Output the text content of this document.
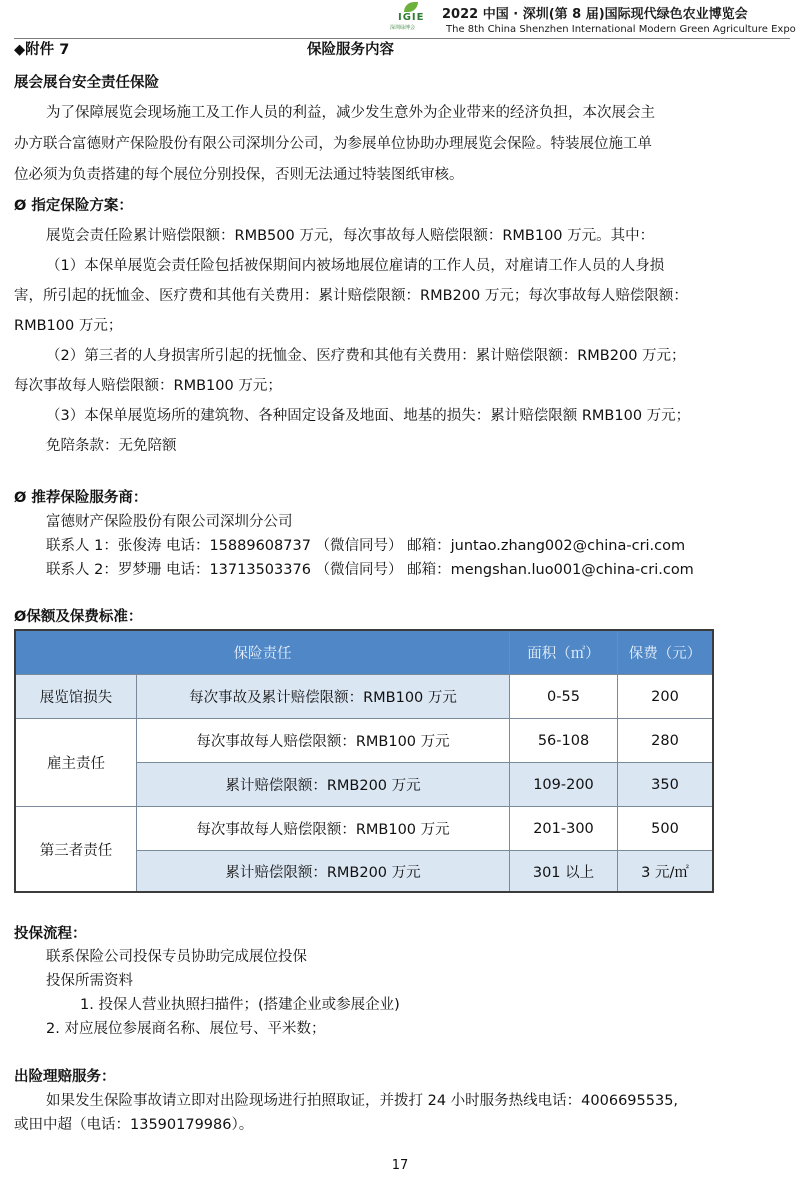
IGIE
深圳绿博会
2022 中国 · 深圳(第 8 届)国际现代绿色农业博览会
The 8th China Shenzhen International Modern Green Agriculture Expo
◆附件 7	保险服务内容
展会展台安全责任保险
为了保障展览会现场施工及工作人员的利益，减少发生意外为企业带来的经济负担，本次展会主
办方联合富德财产保险股份有限公司深圳分公司，为参展单位协助办理展览会保险。特装展位施工单
位必须为负责搭建的每个展位分别投保，否则无法通过特装图纸审核。
Ø 指定保险方案：
展览会责任险累计赔偿限额：RMB500 万元，每次事故每人赔偿限额：RMB100 万元。其中：
（1）本保单展览会责任险包括被保期间内被场地展位雇请的工作人员，对雇请工作人员的人身损
害，所引起的抚恤金、医疗费和其他有关费用：累计赔偿限额：RMB200 万元；每次事故每人赔偿限额：
RMB100 万元；
（2）第三者的人身损害所引起的抚恤金、医疗费和其他有关费用：累计赔偿限额：RMB200 万元；
每次事故每人赔偿限额：RMB100 万元；
（3）本保单展览场所的建筑物、各种固定设备及地面、地基的损失：累计赔偿限额 RMB100 万元；
免陪条款：无免陪额
Ø 推荐保险服务商：
富德财产保险股份有限公司深圳分公司
联系人 1：张俊涛 电话：15889608737 （微信同号） 邮箱：juntao.zhang002@china-cri.com
联系人 2：罗梦珊 电话：13713503376 （微信同号） 邮箱：mengshan.luo001@china-cri.com
Ø保额及保费标准：
保险责任	面积（㎡）	保费（元）
展览馆损失	每次事故及累计赔偿限额：RMB100 万元	0-55	200
雇主责任
每次事故每人赔偿限额：RMB100 万元	56-108	280
累计赔偿限额：RMB200 万元	109-200	350
第三者责任
每次事故每人赔偿限额：RMB100 万元	201-300	500
累计赔偿限额：RMB200 万元	301 以上	3 元/㎡
投保流程：
联系保险公司投保专员协助完成展位投保
投保所需资料
1. 投保人营业执照扫描件；(搭建企业或参展企业)
2. 对应展位参展商名称、展位号、平米数；
出险理赔服务：
如果发生保险事故请立即对出险现场进行拍照取证，并拨打 24 小时服务热线电话：4006695535,
或田中超（电话：13590179986）。
17
